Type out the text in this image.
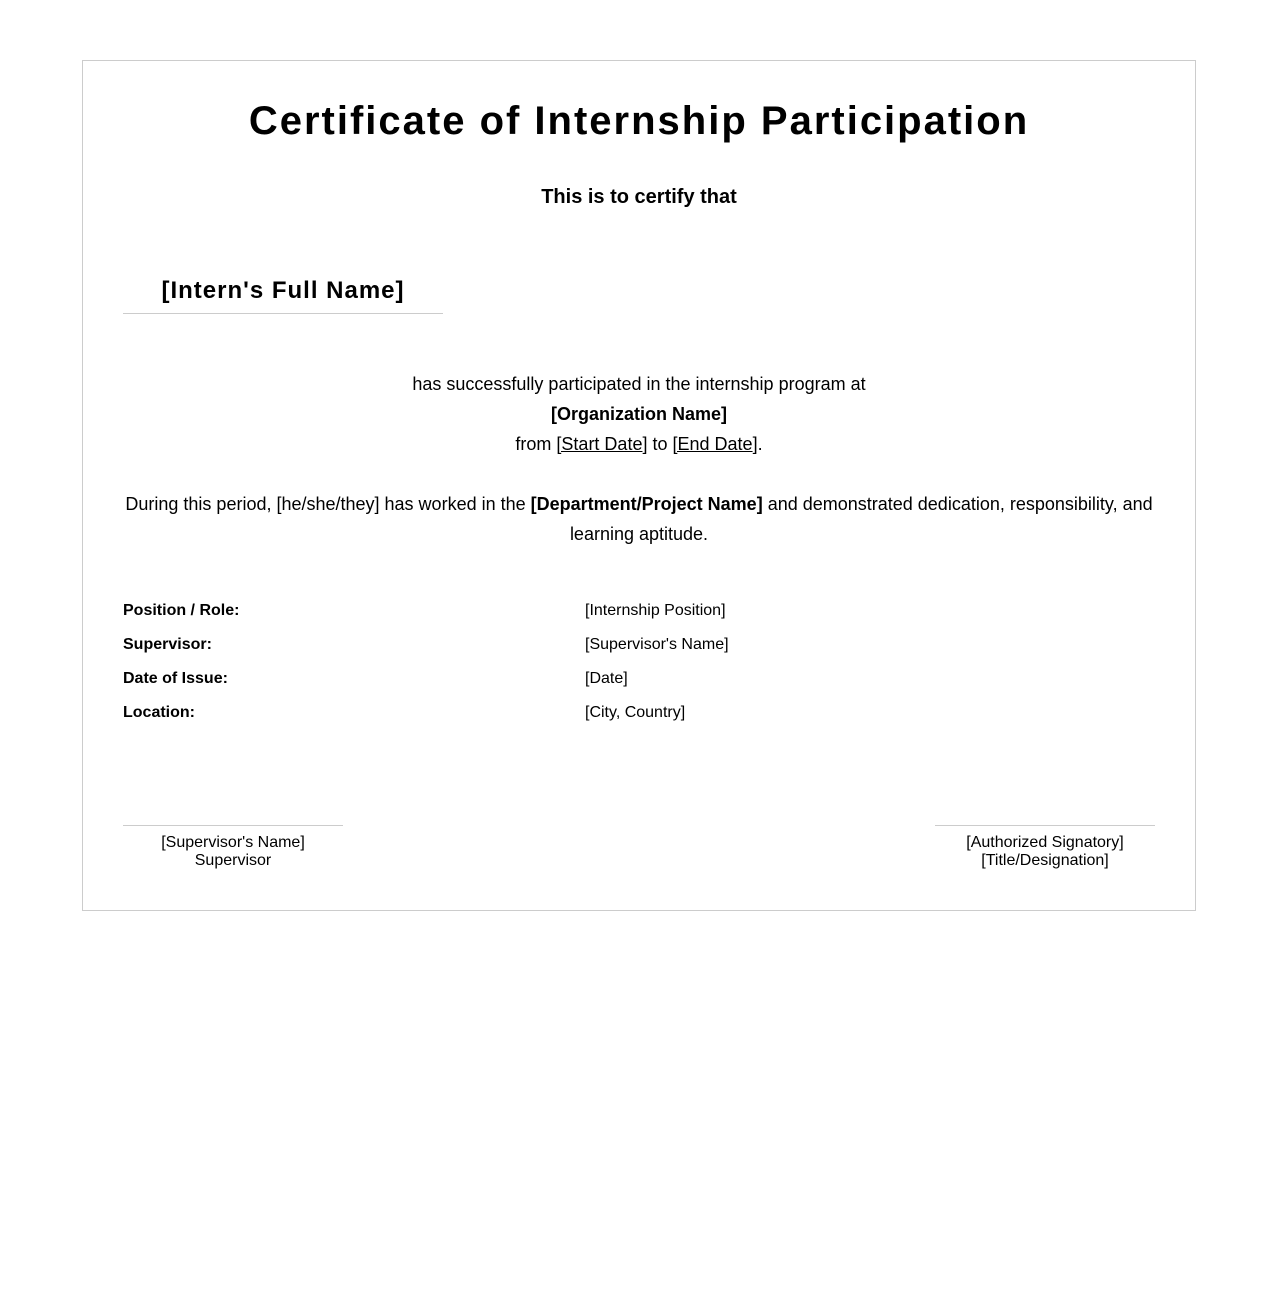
Certificate of Internship Participation
This is to certify that
[Intern's Full Name]
has successfully participated in the internship program at
[Organization Name]
from [Start Date] to [End Date].
During this period, [he/she/they] has worked in the [Department/Project Name] and demonstrated dedication, responsibility, and learning aptitude.
Position / Role:	[Internship Position]
Supervisor:	[Supervisor's Name]
Date of Issue:	[Date]
Location:	[City, Country]
[Supervisor's Name]
Supervisor
[Authorized Signatory]
[Title/Designation]
